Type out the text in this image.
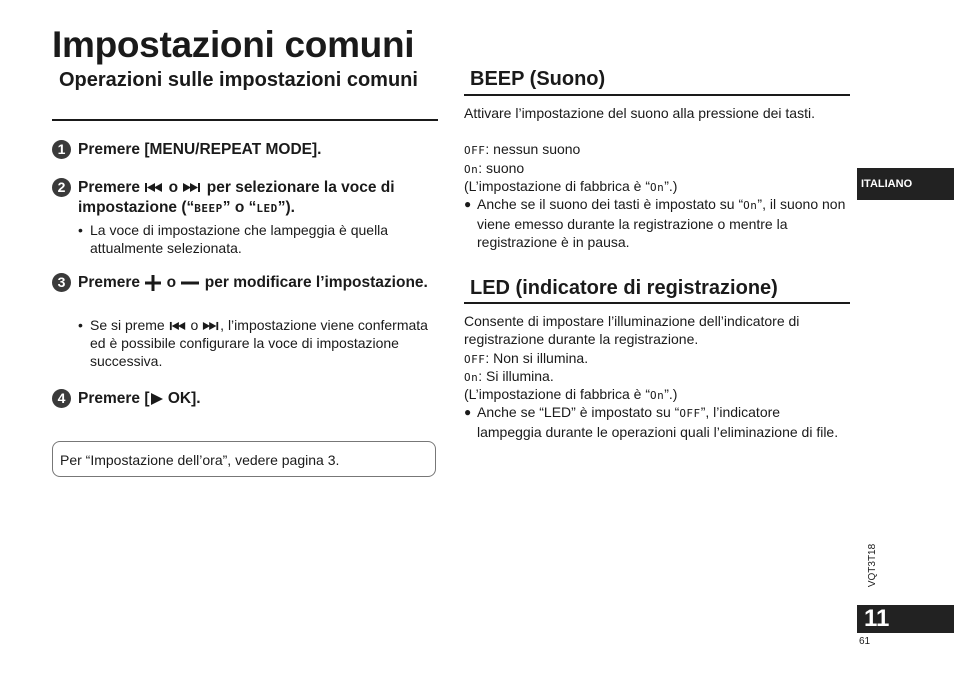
Impostazioni comuni
Operazioni sulle impostazioni comuni
1 Premere [MENU/REPEAT MODE].
2 Premere o per selezionare la voce di impostazione (“BEEP” o “LED”).
• La voce di impostazione che lampeggia è quella attualmente selezionata.
3 Premere o per modificare l’impostazione.
• Se si preme o , l’impostazione viene confermata ed è possibile configurare la voce di impostazione successiva.
4 Premere [ OK].
Per “Impostazione dell’ora”, vedere pagina 3.
BEEP (Suono)
Attivare l’impostazione del suono alla pressione dei tasti.
OFF: nessun suono
On: suono
(L’impostazione di fabbrica è “On”.)
● Anche se il suono dei tasti è impostato su “On”, il suono non viene emesso durante la registrazione o mentre la registrazione è in pausa.
LED (indicatore di registrazione)
Consente di impostare l’illuminazione dell’indicatore di registrazione durante la registrazione.
OFF: Non si illumina.
On: Si illumina.
(L’impostazione di fabbrica è “On”.)
● Anche se “LED” è impostato su “OFF”, l’indicatore lampeggia durante le operazioni quali l’eliminazione di file.
ITALIANO
VQT3T18
11
61
